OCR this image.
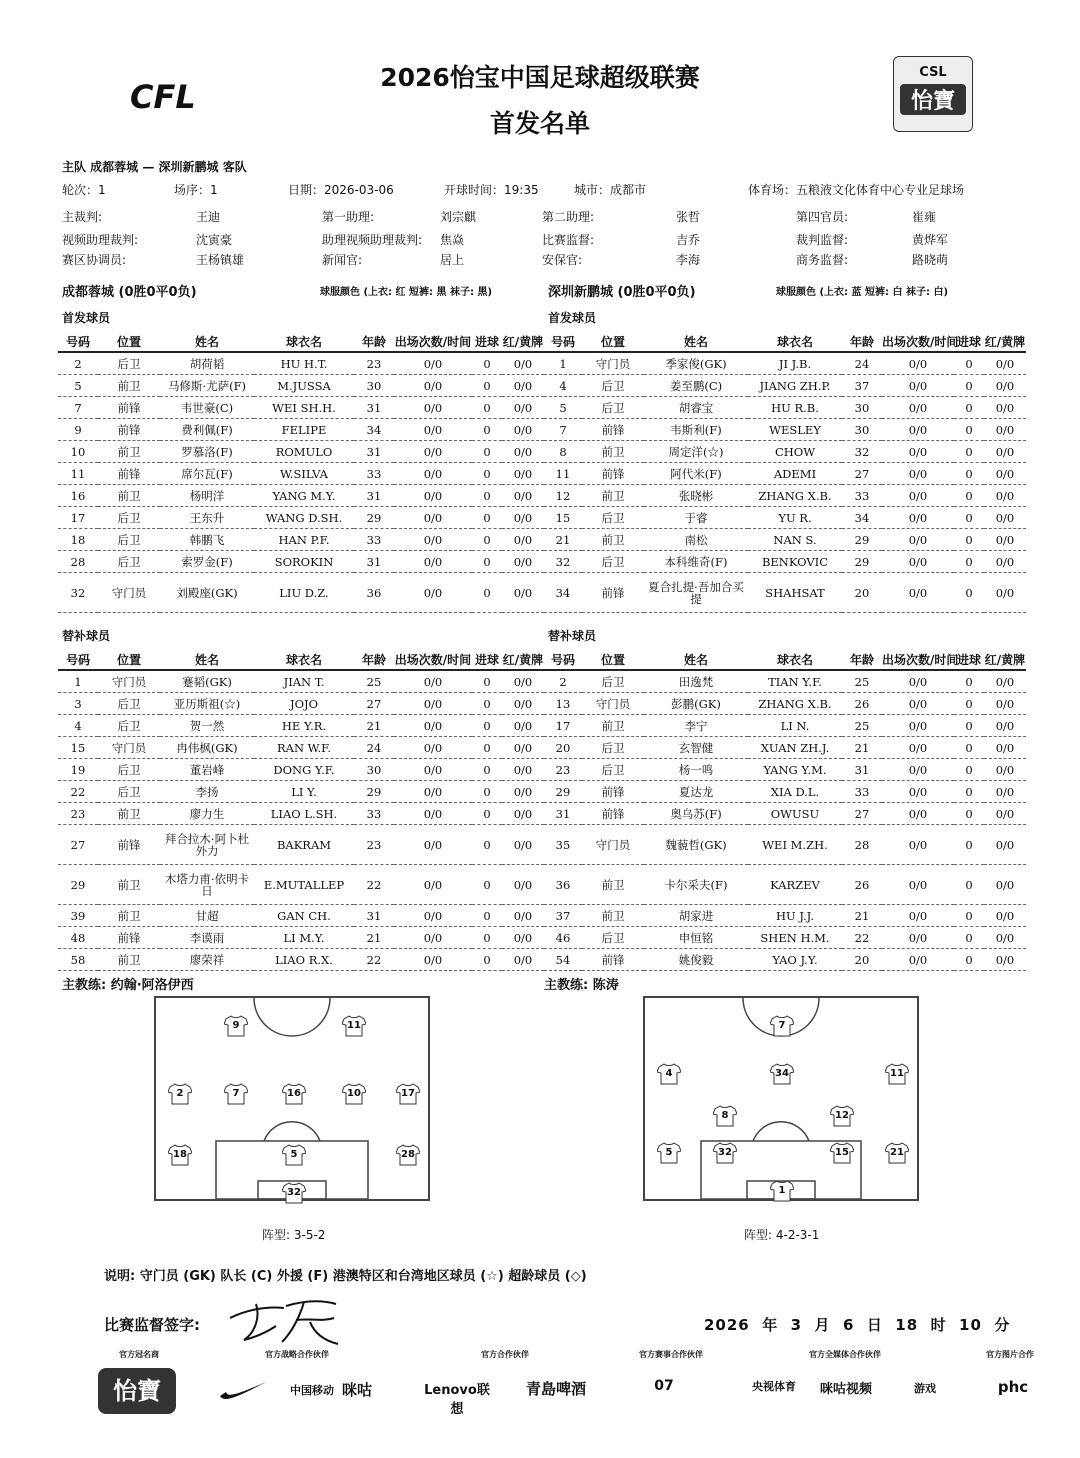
CFL
2026怡宝中国足球超级联赛
首发名单
CSL
怡寶
主队 成都蓉城 — 深圳新鹏城 客队
轮次：1	场序：1	日期：2026-03-06	开球时间：19:35	城市：成都市	体育场：五粮液文化体育中心专业足球场
主裁判:	王迪	第一助理:	刘宗麒	第二助理:	张哲	第四官员:	崔雍
视频助理裁判:	沈寅豪	助理视频助理裁判: 焦焱	比赛监督:	吉乔	裁判监督:	黄烨军
赛区协调员:	王杨镇雄	新闻官:	居上	安保官:	李海	商务监督:	路晓萌
成都蓉城 (0胜0平0负)	球服颜色 (上衣: 红 短裤: 黑 袜子: 黑)	深圳新鹏城 (0胜0平0负)	球服颜色 (上衣: 蓝 短裤: 白 袜子: 白)
首发球员	首发球员
号码	位置	姓名	球衣名	年龄	出场次数/时间	进球	红/黄牌
2	后卫	胡荷韬	HU H.T.	23	0/0	0	0/0
5	前卫	马修斯·尤萨(F)	M.JUSSA	30	0/0	0	0/0
7	前锋	韦世豪(C)	WEI SH.H.	31	0/0	0	0/0
9	前锋	费利佩(F)	FELIPE	34	0/0	0	0/0
10	前卫	罗慕洛(F)	ROMULO	31	0/0	0	0/0
11	前锋	席尔瓦(F)	W.SILVA	33	0/0	0	0/0
16	前卫	杨明洋	YANG M.Y.	31	0/0	0	0/0
17	后卫	王东升	WANG D.SH.	29	0/0	0	0/0
18	后卫	韩鹏飞	HAN P.F.	33	0/0	0	0/0
28	后卫	索罗金(F)	SOROKIN	31	0/0	0	0/0
32	守门员	刘殿座(GK)	LIU D.Z.	36	0/0	0	0/0
号码	位置	姓名	球衣名	年龄	出场次数/时间	进球	红/黄牌
1	守门员	季家俊(GK)	JI J.B.	24	0/0	0	0/0
4	后卫	姜至鹏(C)	JIANG ZH.P.	37	0/0	0	0/0
5	后卫	胡睿宝	HU R.B.	30	0/0	0	0/0
7	前锋	韦斯利(F)	WESLEY	30	0/0	0	0/0
8	前卫	周定洋(☆)	CHOW	32	0/0	0	0/0
11	前锋	阿代米(F)	ADEMI	27	0/0	0	0/0
12	前卫	张晓彬	ZHANG X.B.	33	0/0	0	0/0
15	后卫	于睿	YU R.	34	0/0	0	0/0
21	前卫	南松	NAN S.	29	0/0	0	0/0
32	后卫	本科维奇(F)	BENKOVIC	29	0/0	0	0/0
34	前锋	夏合扎提·吾加合买提	SHAHSAT	20	0/0	0	0/0
替补球员	替补球员
号码	位置	姓名	球衣名	年龄	出场次数/时间	进球	红/黄牌
1	守门员	蹇韬(GK)	JIAN T.	25	0/0	0	0/0
3	后卫	亚历斯祖(☆)	JOJO	27	0/0	0	0/0
4	后卫	贺一然	HE Y.R.	21	0/0	0	0/0
15	守门员	冉伟枫(GK)	RAN W.F.	24	0/0	0	0/0
19	后卫	董岩峰	DONG Y.F.	30	0/0	0	0/0
22	后卫	李扬	LI Y.	29	0/0	0	0/0
23	前卫	廖力生	LIAO L.SH.	33	0/0	0	0/0
27	前锋	拜合拉木·阿卜杜外力	BAKRAM	23	0/0	0	0/0
29	前卫	木塔力甫·依明卡日	E.MUTALLEP	22	0/0	0	0/0
39	前卫	甘超	GAN CH.	31	0/0	0	0/0
48	前锋	李谟雨	LI M.Y.	21	0/0	0	0/0
58	前卫	廖荣祥	LIAO R.X.	22	0/0	0	0/0
号码	位置	姓名	球衣名	年龄	出场次数/时间	进球	红/黄牌
2	后卫	田逸梵	TIAN Y.F.	25	0/0	0	0/0
13	守门员	彭鹏(GK)	ZHANG X.B.	26	0/0	0	0/0
17	前卫	李宁	LI N.	25	0/0	0	0/0
20	后卫	玄智健	XUAN ZH.J.	21	0/0	0	0/0
23	后卫	杨一鸣	YANG Y.M.	31	0/0	0	0/0
29	前锋	夏达龙	XIA D.L.	33	0/0	0	0/0
31	前锋	奥乌苏(F)	OWUSU	27	0/0	0	0/0
35	守门员	魏藐哲(GK)	WEI M.ZH.	28	0/0	0	0/0
36	前卫	卡尔采夫(F)	KARZEV	26	0/0	0	0/0
37	前卫	胡家进	HU J.J.	21	0/0	0	0/0
46	后卫	申恒铭	SHEN H.M.	22	0/0	0	0/0
54	前锋	姚俊毅	YAO J.Y.	20	0/0	0	0/0
主教练: 约翰·阿洛伊西	主教练: 陈涛
9	11
2	7	16	10	17
18	5	28
32
7
4	34	11
8	12
5	32	15	21
1
阵型: 3-5-2	阵型: 4-2-3-1
说明: 守门员 (GK) 队长 (C) 外援 (F) 港澳特区和台湾地区球员 (☆) 超龄球员 (◇)
比赛监督签字:	2026  年  3  月  6  日  18  时  10  分
官方冠名商	官方战略合作伙伴	官方合作伙伴	官方赛事合作伙伴	官方全媒体合作伙伴	官方图片合作
怡寶	中国移动 咪咕	Lenovo联想
青島啤酒	07	央视体育	咪咕视频	游戏	phc
